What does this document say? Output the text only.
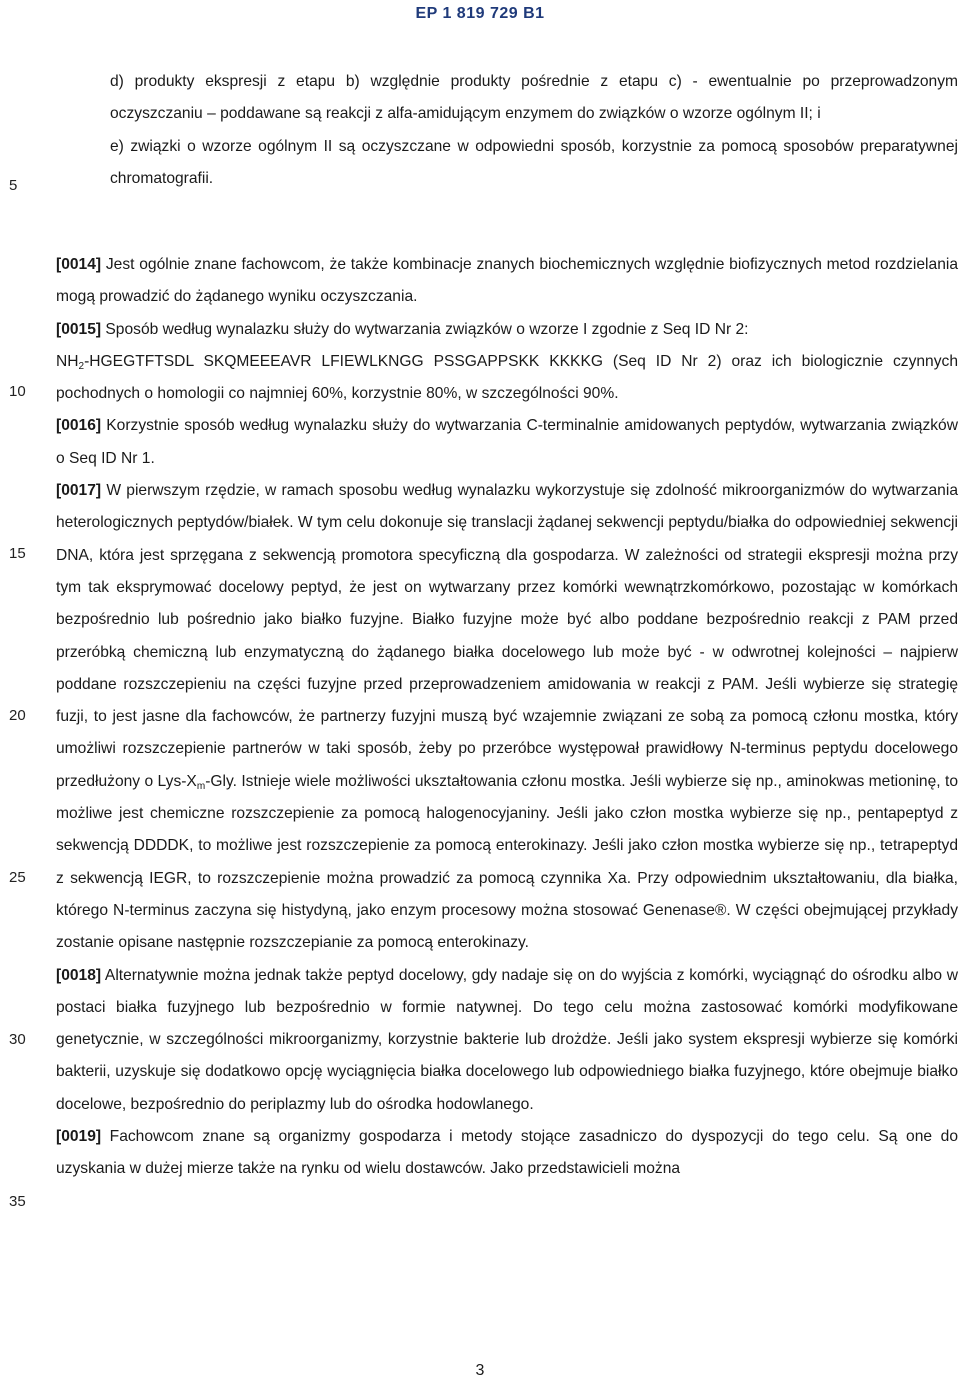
EP 1 819 729 B1
5
10
15
20
25
30
35

d) produkty ekspresji z etapu b) względnie produkty pośrednie z etapu c) - ewentualnie po przeprowadzonym oczyszczaniu – poddawane są reakcji z alfa-amidującym enzymem do związków o wzorze ogólnym II; i

e) związki o wzorze ogólnym II są oczyszczane w odpowiedni sposób, korzystnie za pomocą sposobów preparatywnej chromatografii.

[0014] Jest ogólnie znane fachowcom, że także kombinacje znanych biochemicznych względnie biofizycznych metod rozdzielania mogą prowadzić do żądanego wyniku oczyszczania.

[0015] Sposób według wynalazku służy do wytwarzania związków o wzorze I zgodnie z Seq ID Nr 2:

$NH_2$-HGEGTFTSDL SKQMEEEAVR LFIEWLKNGG PSSGAPPSKK KKKKG (Seq ID Nr 2) oraz ich biologicznie czynnych pochodnych o homologii co najmniej 60%, korzystnie 80%, w szczególności 90%.

[0016] Korzystnie sposób według wynalazku służy do wytwarzania C-terminalnie amidowanych peptydów, wytwarzania związków o Seq ID Nr 1.

[0017] W pierwszym rzędzie, w ramach sposobu według wynalazku wykorzystuje się zdolność mikroorganizmów do wytwarzania heterologicznych peptydów/białek. W tym celu dokonuje się translacji żądanej sekwencji peptydu/białka do odpowiedniej sekwencji DNA, która jest sprzęgana z sekwencją promotora specyficzną dla gospodarza. W zależności od strategii ekspresji można przy tym tak eksprymować docelowy peptyd, że jest on wytwarzany przez komórki wewnątrzkomórkowo, pozostając w komórkach bezpośrednio lub pośrednio jako białko fuzyjne. Białko fuzyjne może być albo poddane bezpośrednio reakcji z PAM przed przeróbką chemiczną lub enzymatyczną do żądanego białka docelowego lub może być - w odwrotnej kolejności – najpierw poddane rozszczepieniu na części fuzyjne przed przeprowadzeniem amidowania w reakcji z PAM. Jeśli wybierze się strategię fuzji, to jest jasne dla fachowców, że partnerzy fuzyjni muszą być wzajemnie związani ze sobą za pomocą członu mostka, który umożliwi rozszczepienie partnerów w taki sposób, żeby po przeróbce występował prawidłowy N-terminus peptydu docelowego przedłużony o Lys-$X_m$-Gly. Istnieje wiele możliwości ukształtowania członu mostka. Jeśli wybierze się np., aminokwas metioninę, to możliwe jest chemiczne rozszczepienie za pomocą halogenocyjaniny. Jeśli jako człon mostka wybierze się np., pentapeptyd z sekwencją DDDDK, to możliwe jest rozszczepienie za pomocą enterokinazy. Jeśli jako człon mostka wybierze się np., tetrapeptyd z sekwencją IEGR, to rozszczepienie można prowadzić za pomocą czynnika Xa. Przy odpowiednim ukształtowaniu, dla białka, którego N-terminus zaczyna się histydyną, jako enzym procesowy można stosować Genenase®. W części obejmującej przykłady zostanie opisane następnie rozszczepianie za pomocą enterokinazy.

[0018] Alternatywnie można jednak także peptyd docelowy, gdy nadaje się on do wyjścia z komórki, wyciągnąć do ośrodku albo w postaci białka fuzyjnego lub bezpośrednio w formie natywnej. Do tego celu można zastosować komórki modyfikowane genetycznie, w szczególności mikroorganizmy, korzystnie bakterie lub drożdże. Jeśli jako system ekspresji wybierze się komórki bakterii, uzyskuje się dodatkowo opcję wyciągnięcia białka docelowego lub odpowiedniego białka fuzyjnego, które obejmuje białko docelowe, bezpośrednio do periplazmy lub do ośrodka hodowlanego.

[0019] Fachowcom znane są organizmy gospodarza i metody stojące zasadniczo do dyspozycji do tego celu. Są one do uzyskania w dużej mierze także na rynku od wielu dostawców. Jako przedstawicieli można

3
